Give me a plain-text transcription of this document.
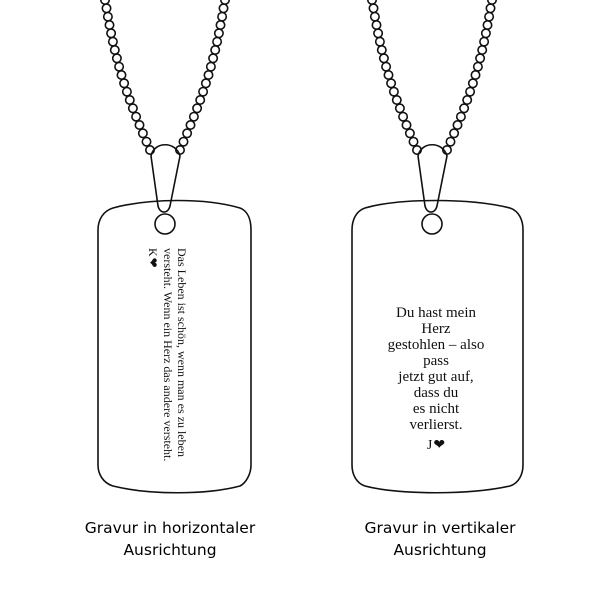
Das Leben ist schön, wenn man es zu leben
versteht. Wenn ein Herz das andere versteht.
K❤
Du hast mein Herz
gestohlen – also pass
jetzt gut auf, dass du
es nicht verlierst.
J❤
Gravur in horizontaler
Ausrichtung
Gravur in vertikaler
Ausrichtung
